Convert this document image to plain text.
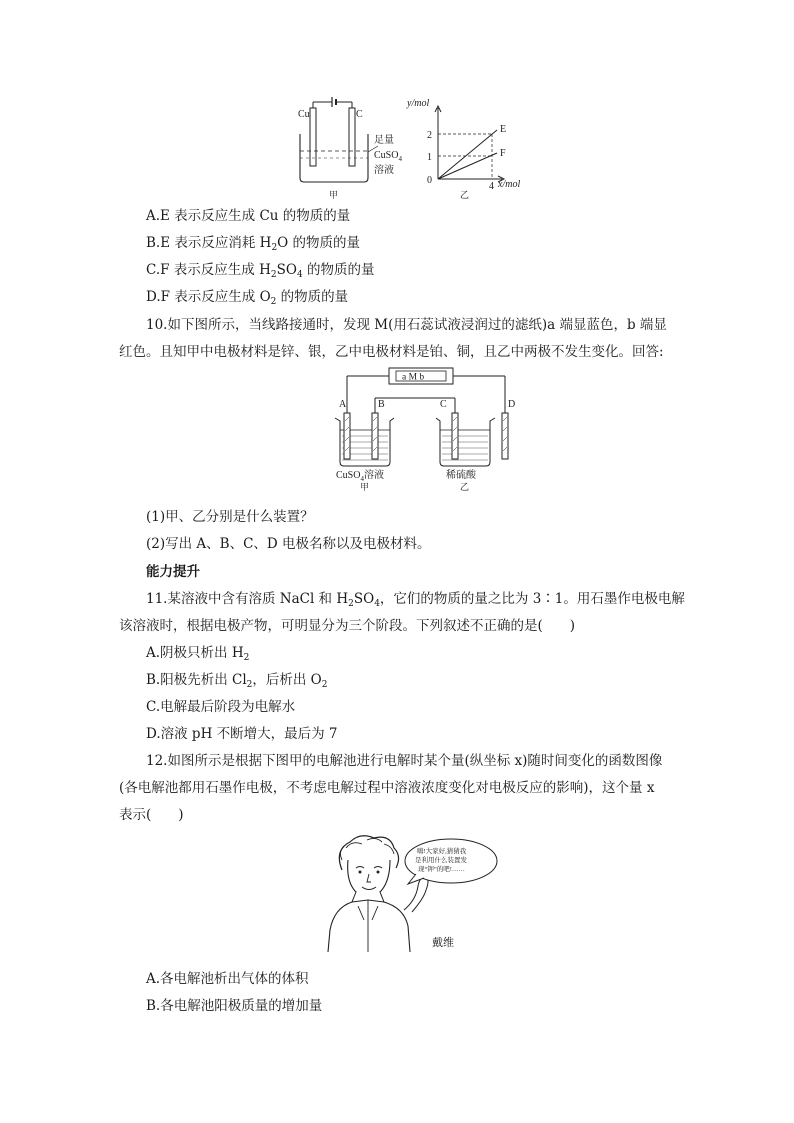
Cu	C
足量
CuSO$_4$
溶液
甲
y/mol
x/mol
2
1
0
4
E
F
乙
A.E 表示反应生成 Cu 的物质的量
B.E 表示反应消耗 $H_2O$ 的物质的量
C.F 表示反应生成 $H_2SO_4$ 的物质的量
D.F 表示反应生成 $O_2$ 的物质的量
10.如下图所示，当线路接通时，发现 M(用石蕊试液浸润过的滤纸)a 端显蓝色，b 端显
红色。且知甲中电极材料是锌、银，乙中电极材料是铂、铜，且乙中两极不发生变化。回答:
a M b
A	B	C	D
CuSO$_4$溶液
甲
稀硫酸
乙
(1)甲、乙分别是什么装置？
(2)写出 A、B、C、D 电极名称以及电极材料。
能力提升
11.某溶液中含有溶质 NaCl 和 $H_2SO_4$，它们的物质的量之比为 3∶1。用石墨作电极电解
该溶液时，根据电极产物，可明显分为三个阶段。下列叙述不正确的是(　　)
A.阴极只析出 $H_2$
B.阳极先析出 $Cl_2$，后析出 $O_2$
C.电解最后阶段为电解水
D.溶液 pH 不断增大，最后为 7
12.如图所示是根据下图甲的电解池进行电解时某个量(纵坐标 x)随时间变化的函数图像
(各电解池都用石墨作电极，不考虑电解过程中溶液浓度变化对电极反应的影响)，这个量 x
表示(　　)
嗨!大家好,猜猜我
是利用什么装置发
现“钾”的吧!……
戴维
A.各电解池析出气体的体积
B.各电解池阳极质量的增加量
